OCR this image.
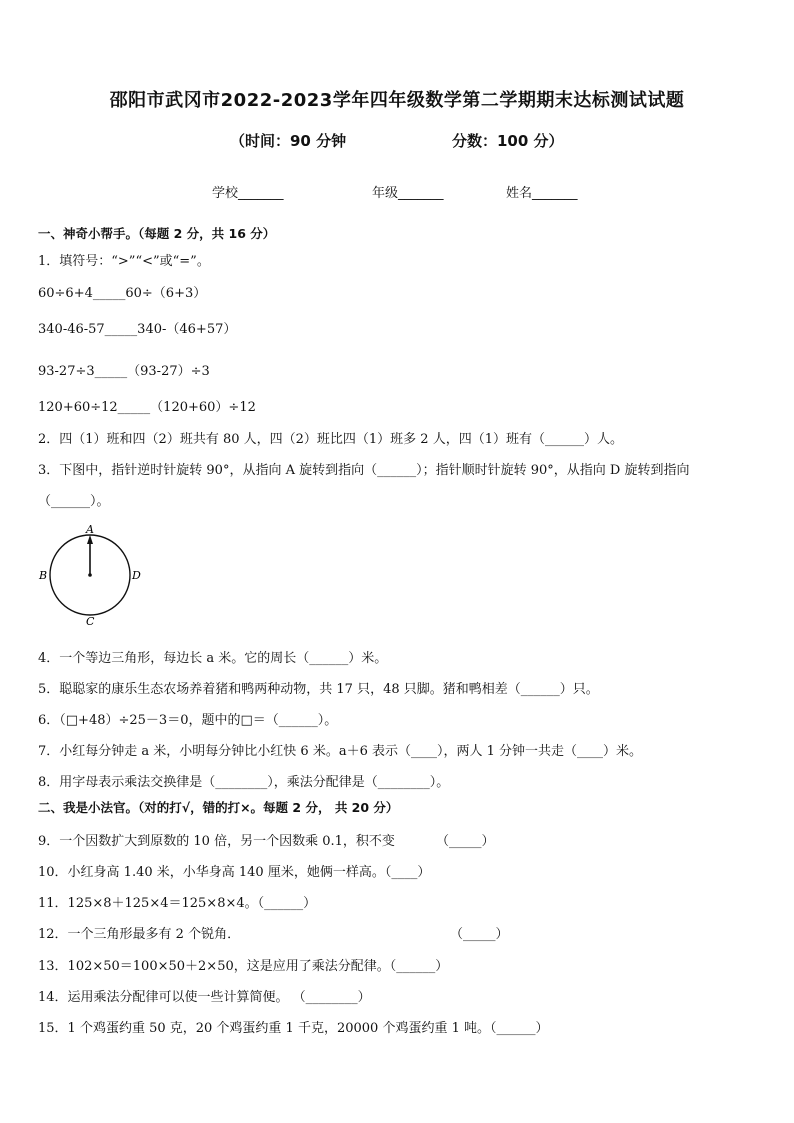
邵阳市武冈市2022-2023学年四年级数学第二学期期末达标测试试题
（时间：90 分钟	分数：100 分）
学校_______	年级_______	姓名_______
一、神奇小帮手。（每题 2 分，共 16 分）
1．填符号：“>”“<”或“=”。
60÷6+4_____60÷（6+3）
340-46-57_____340-（46+57）
93-27÷3_____（93-27）÷3
120+60÷12_____（120+60）÷12
2．四（1）班和四（2）班共有 80 人，四（2）班比四（1）班多 2 人，四（1）班有（______）人。
3．下图中，指针逆时针旋转 90°，从指向 A 旋转到指向（______）；指针顺时针旋转 90°，从指向 D 旋转到指向
（______）。
A
B
C
D
4．一个等边三角形，每边长 a 米。它的周长（______）米。
5．聪聪家的康乐生态农场养着猪和鸭两种动物，共 17 只，48 只脚。猪和鸭相差（______）只。
6．（□+48）÷25－3＝0，题中的□＝（______）。
7．小红每分钟走 a 米，小明每分钟比小红快 6 米。a＋6 表示（____），两人 1 分钟一共走（____）米。
8．用字母表示乘法交换律是（________），乘法分配律是（________）。
二、我是小法官。（对的打√，错的打×。每题 2 分， 共 20 分）
9．一个因数扩大到原数的 10 倍，另一个因数乘 0.1，积不变	（_____）
10．小红身高 1.40 米，小华身高 140 厘米，她俩一样高。（____）
11．125×8＋125×4＝125×8×4。（______）
12．一个三角形最多有 2 个锐角．	（_____）
13．102×50＝100×50＋2×50，这是应用了乘法分配律。（______）
14．运用乘法分配律可以使一些计算简便。 （________）
15．1 个鸡蛋约重 50 克，20 个鸡蛋约重 1 千克，20000 个鸡蛋约重 1 吨。（______）
